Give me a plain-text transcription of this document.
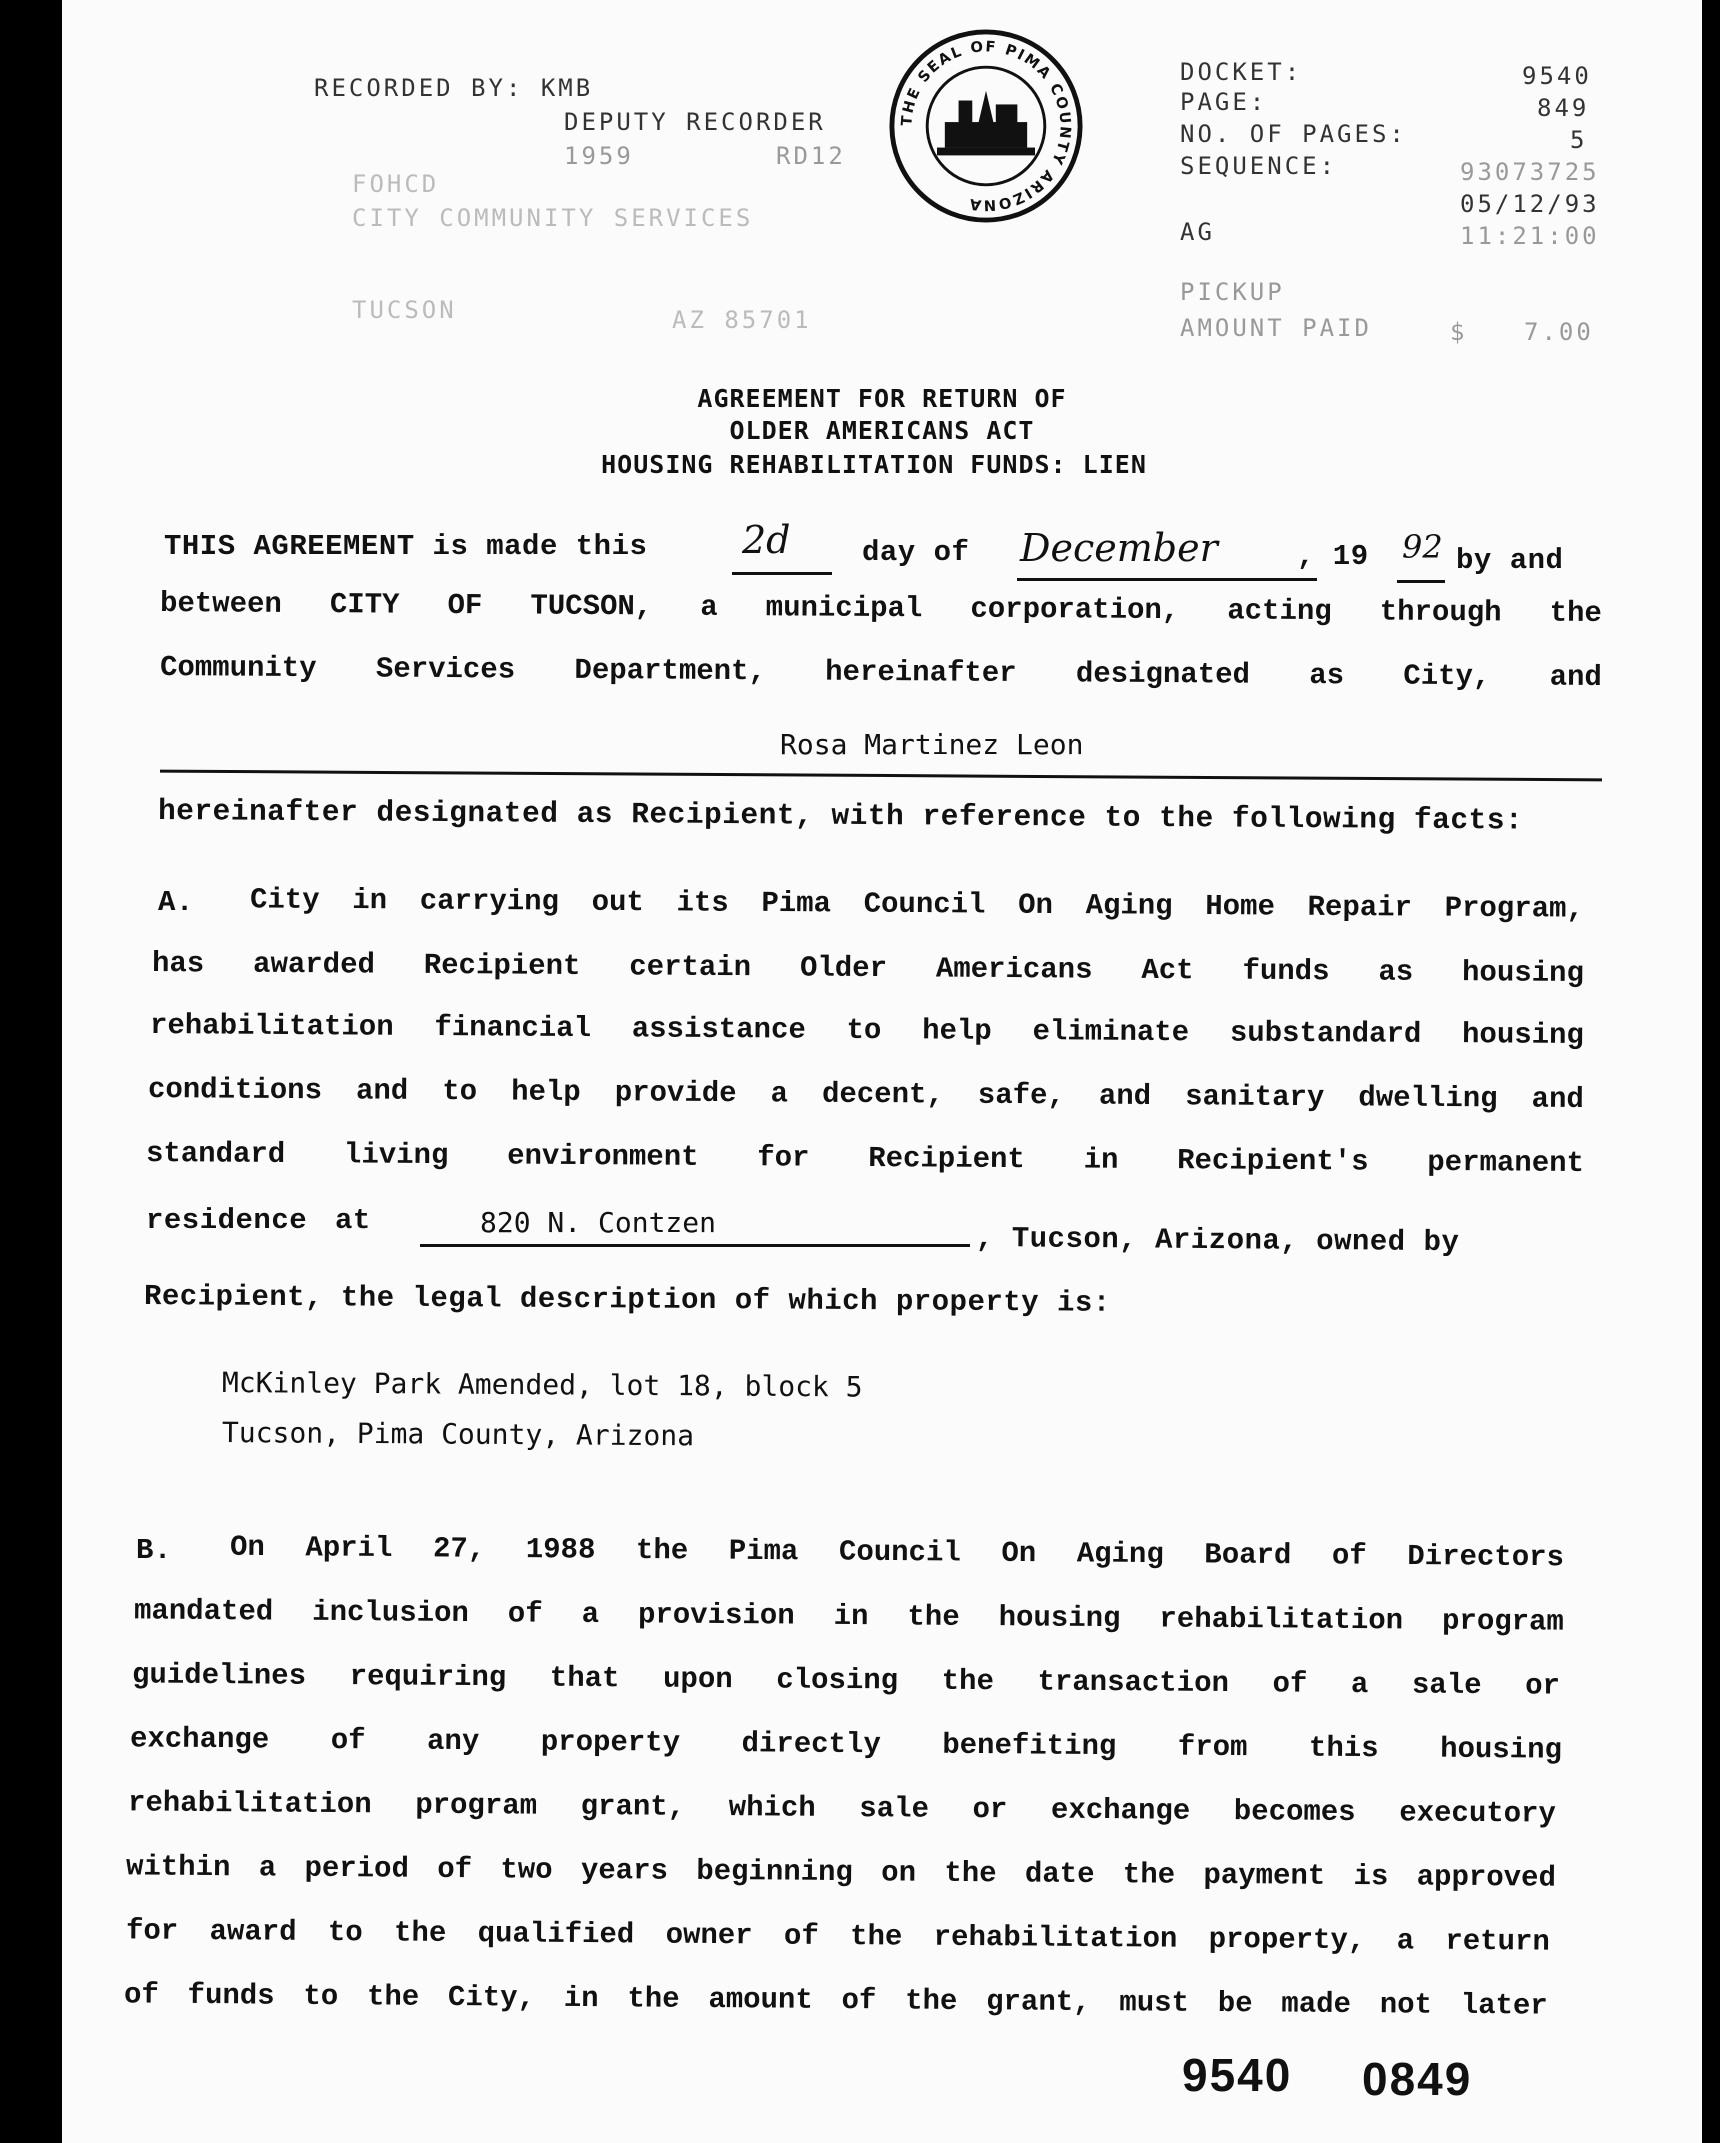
RECORDED BY: KMB
DEPUTY RECORDER
1959	RD12
FOHCD
CITY COMMUNITY SERVICES
TUCSON	AZ 85701
THE SEAL OF PIMA COUNTY ARIZONA
DOCKET:	9540
PAGE:	849
NO. OF PAGES:	5
SEQUENCE:	93073725
05/12/93
AG	11:21:00
PICKUP
AMOUNT PAID	$ 7.00
AGREEMENT FOR RETURN OF
OLDER AMERICANS ACT
HOUSING REHABILITATION FUNDS: LIEN
THIS AGREEMENT is made this 2d day of December	, 19 92 by and
between CITY OF TUCSON, a municipal corporation, acting through the
Community Services Department, hereinafter designated as City, and
Rosa Martinez Leon
hereinafter designated as Recipient, with reference to the following facts:
A. City in carrying out its Pima Council On Aging Home Repair Program,
has awarded Recipient certain Older Americans Act funds as housing
rehabilitation financial assistance to help eliminate substandard housing
conditions and to help provide a decent, safe, and sanitary dwelling and
standard living environment for Recipient in Recipient's permanent
residence at	820 N. Contzen	, Tucson, Arizona, owned by
Recipient, the legal description of which property is:
McKinley Park Amended, lot 18, block 5
Tucson, Pima County, Arizona
B. On April 27, 1988 the Pima Council On Aging Board of Directors
mandated inclusion of a provision in the housing rehabilitation program
guidelines requiring that upon closing the transaction of a sale or
exchange of any property directly benefiting from this housing
rehabilitation program grant, which sale or exchange becomes executory
within a period of two years beginning on the date the payment is approved
for award to the qualified owner of the rehabilitation property, a return
of funds to the City, in the amount of the grant, must be made not later
9540 0849
